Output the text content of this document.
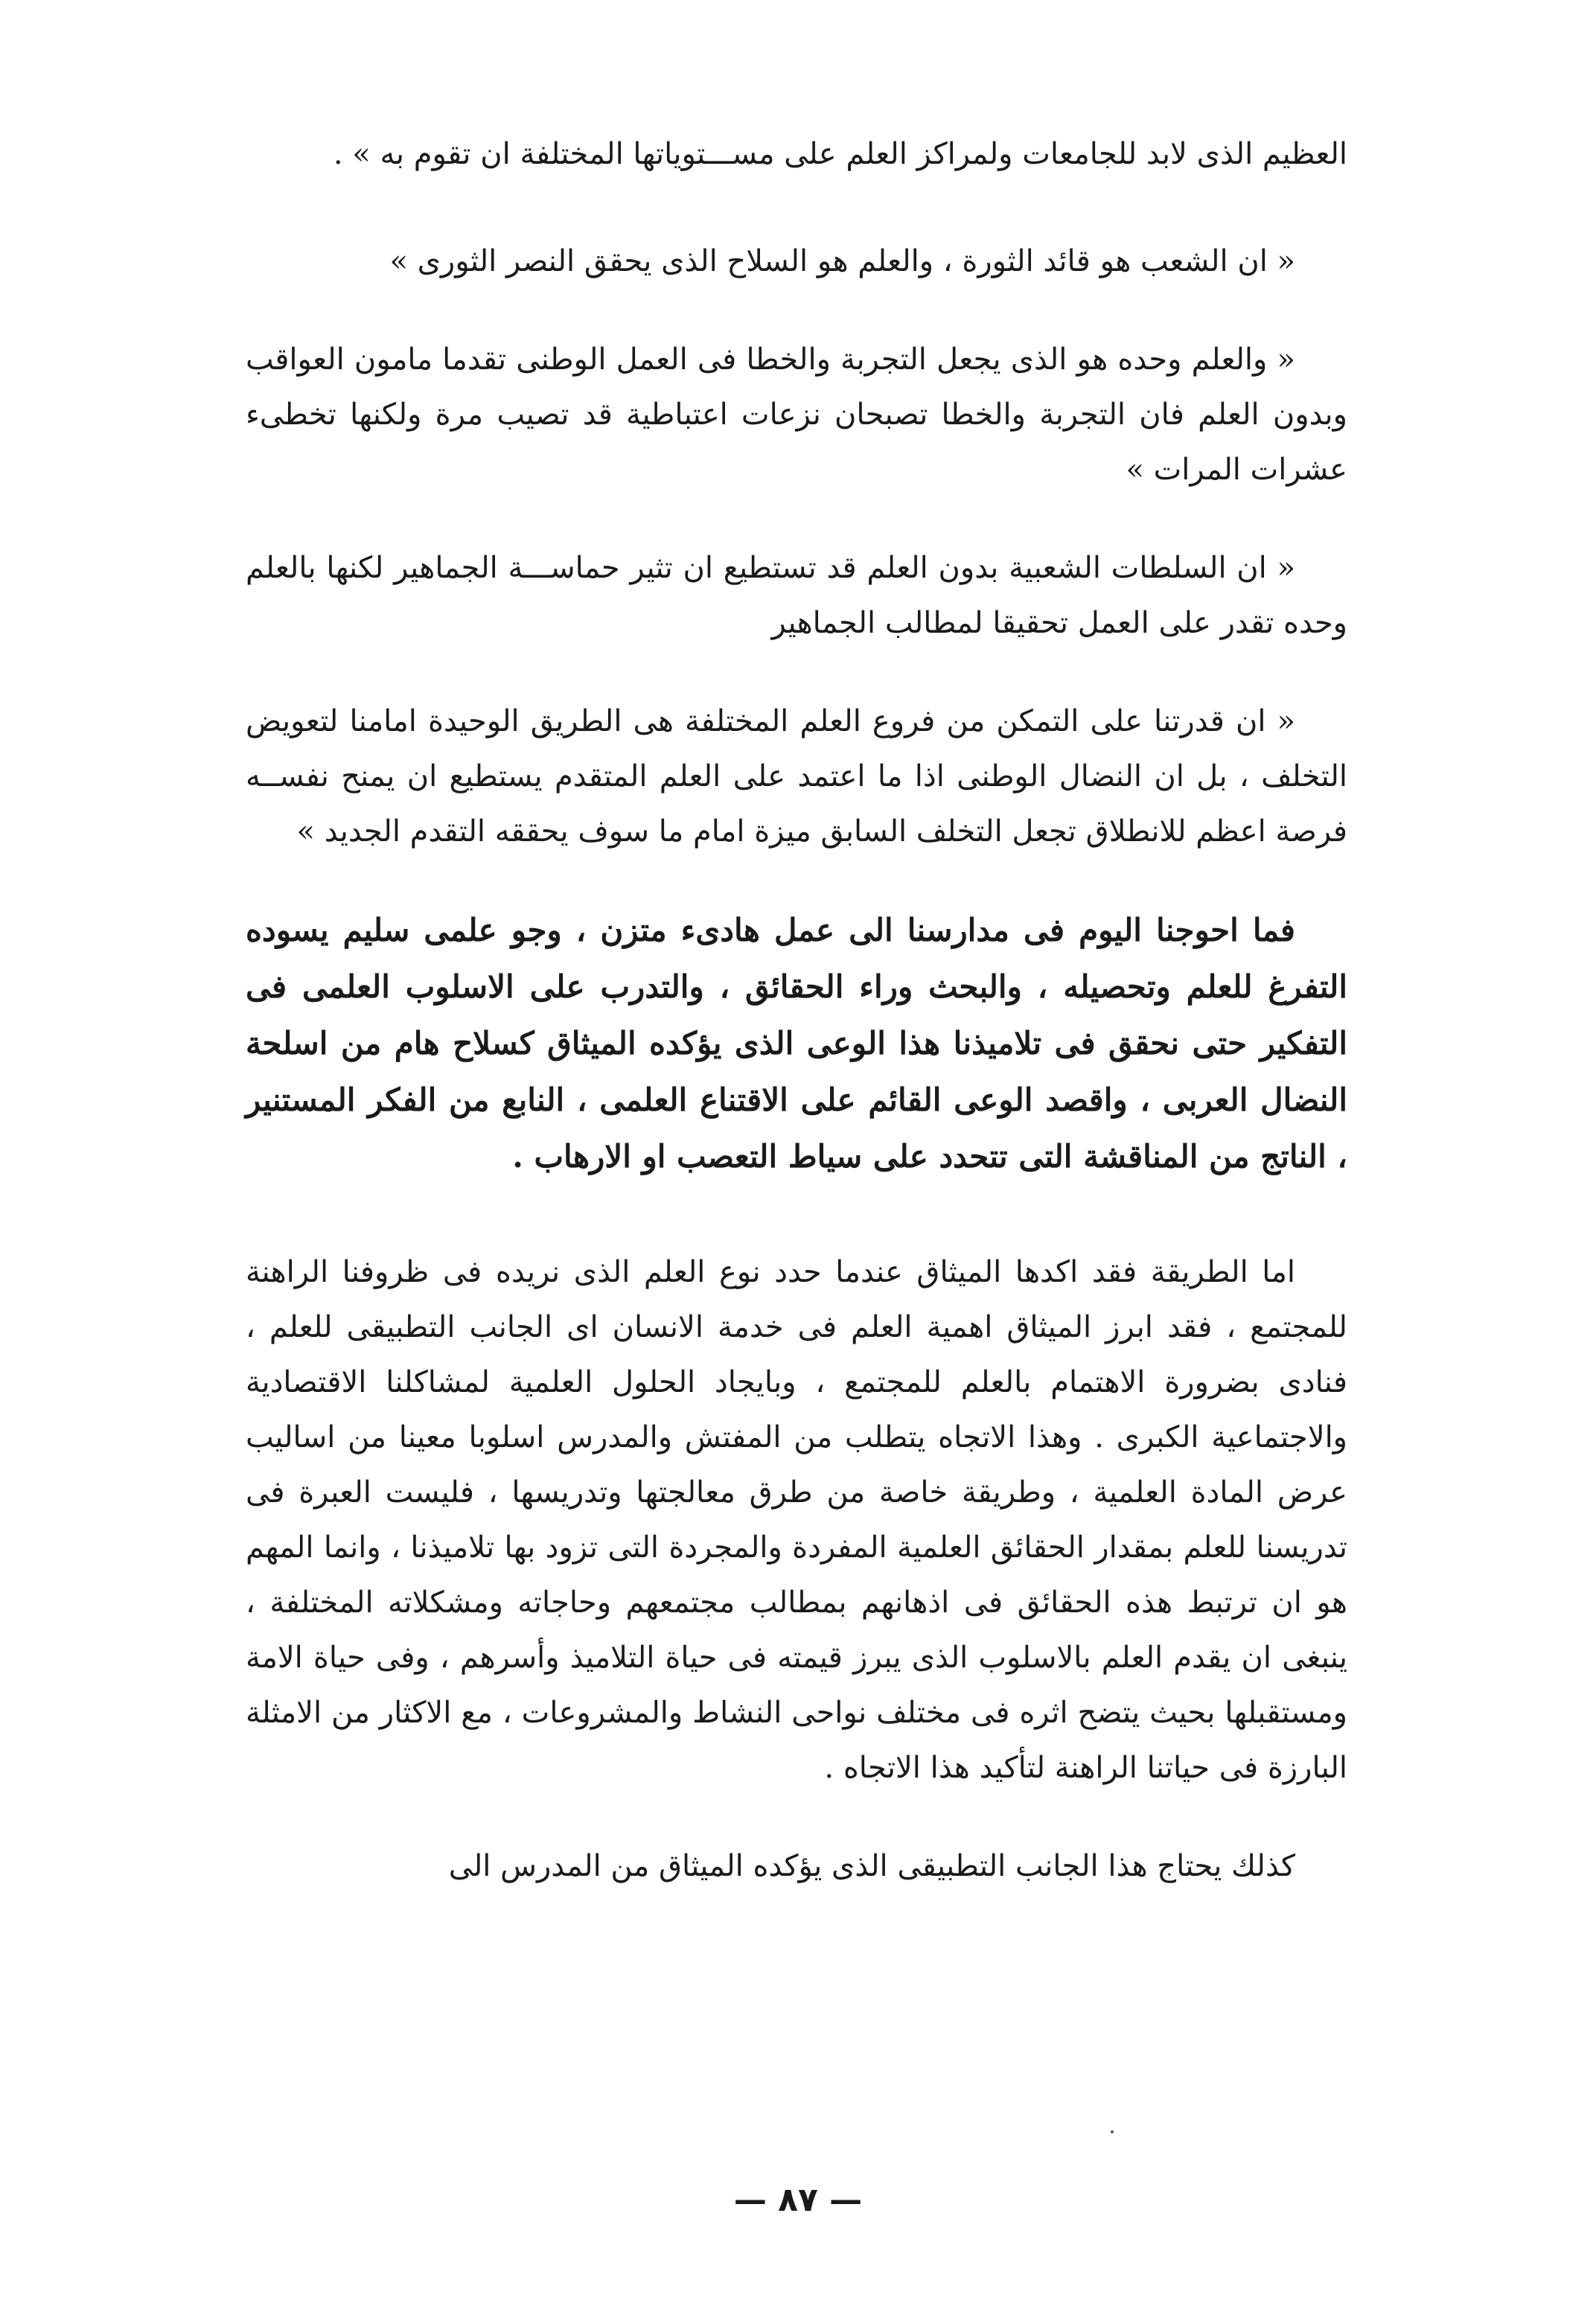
العظيم الذى لابد للجامعات ولمراكز العلم على مســـتوياتها المختلفة ان تقوم به » .

« ان الشعب هو قائد الثورة ، والعلم هو السلاح الذى يحقق النصر الثورى »

« والعلم وحده هو الذى يجعل التجربة والخطا فى العمل الوطنى تقدما مامون العواقب وبدون العلم فان التجربة والخطا تصبحان نزعات اعتباطية قد تصيب مرة ولكنها تخطىء عشرات المرات »

« ان السلطات الشعبية بدون العلم قد تستطيع ان تثير حماســـة الجماهير لكنها بالعلم وحده تقدر على العمل تحقيقا لمطالب الجماهير

« ان قدرتنا على التمكن من فروع العلم المختلفة هى الطريق الوحيدة امامنا لتعويض التخلف ، بل ان النضال الوطنى اذا ما اعتمد على العلم المتقدم يستطيع ان يمنح نفســه فرصة اعظم للانطلاق تجعل التخلف السابق ميزة امام ما سوف يحققه التقدم الجديد »

فما احوجنا اليوم فى مدارسنا الى عمل هادىء متزن ، وجو علمى سليم يسوده التفرغ للعلم وتحصيله ، والبحث وراء الحقائق ، والتدرب على الاسلوب العلمى فى التفكير حتى نحقق فى تلاميذنا هذا الوعى الذى يؤكده الميثاق كسلاح هام من اسلحة النضال العربى ، واقصد الوعى القائم على الاقتناع العلمى ، النابع من الفكر المستنير ، الناتج من المناقشة التى تتحدد على سياط التعصب او الارهاب .

اما الطريقة فقد اكدها الميثاق عندما حدد نوع العلم الذى نريده فى ظروفنا الراهنة للمجتمع ، فقد ابرز الميثاق اهمية العلم فى خدمة الانسان اى الجانب التطبيقى للعلم ، فنادى بضرورة الاهتمام بالعلم للمجتمع ، وبايجاد الحلول العلمية لمشاكلنا الاقتصادية والاجتماعية الكبرى . وهذا الاتجاه يتطلب من المفتش والمدرس اسلوبا معينا من اساليب عرض المادة العلمية ، وطريقة خاصة من طرق معالجتها وتدريسها ، فليست العبرة فى تدريسنا للعلم بمقدار الحقائق العلمية المفردة والمجردة التى تزود بها تلاميذنا ، وانما المهم هو ان ترتبط هذه الحقائق فى اذهانهم بمطالب مجتمعهم وحاجاته ومشكلاته المختلفة ، ينبغى ان يقدم العلم بالاسلوب الذى يبرز قيمته فى حياة التلاميذ وأسرهم ، وفى حياة الامة ومستقبلها بحيث يتضح اثره فى مختلف نواحى النشاط والمشروعات ، مع الاكثار من الامثلة البارزة فى حياتنا الراهنة لتأكيد هذا الاتجاه .

كذلك يحتاج هذا الجانب التطبيقى الذى يؤكده الميثاق من المدرس الى

— ٨٧ —
